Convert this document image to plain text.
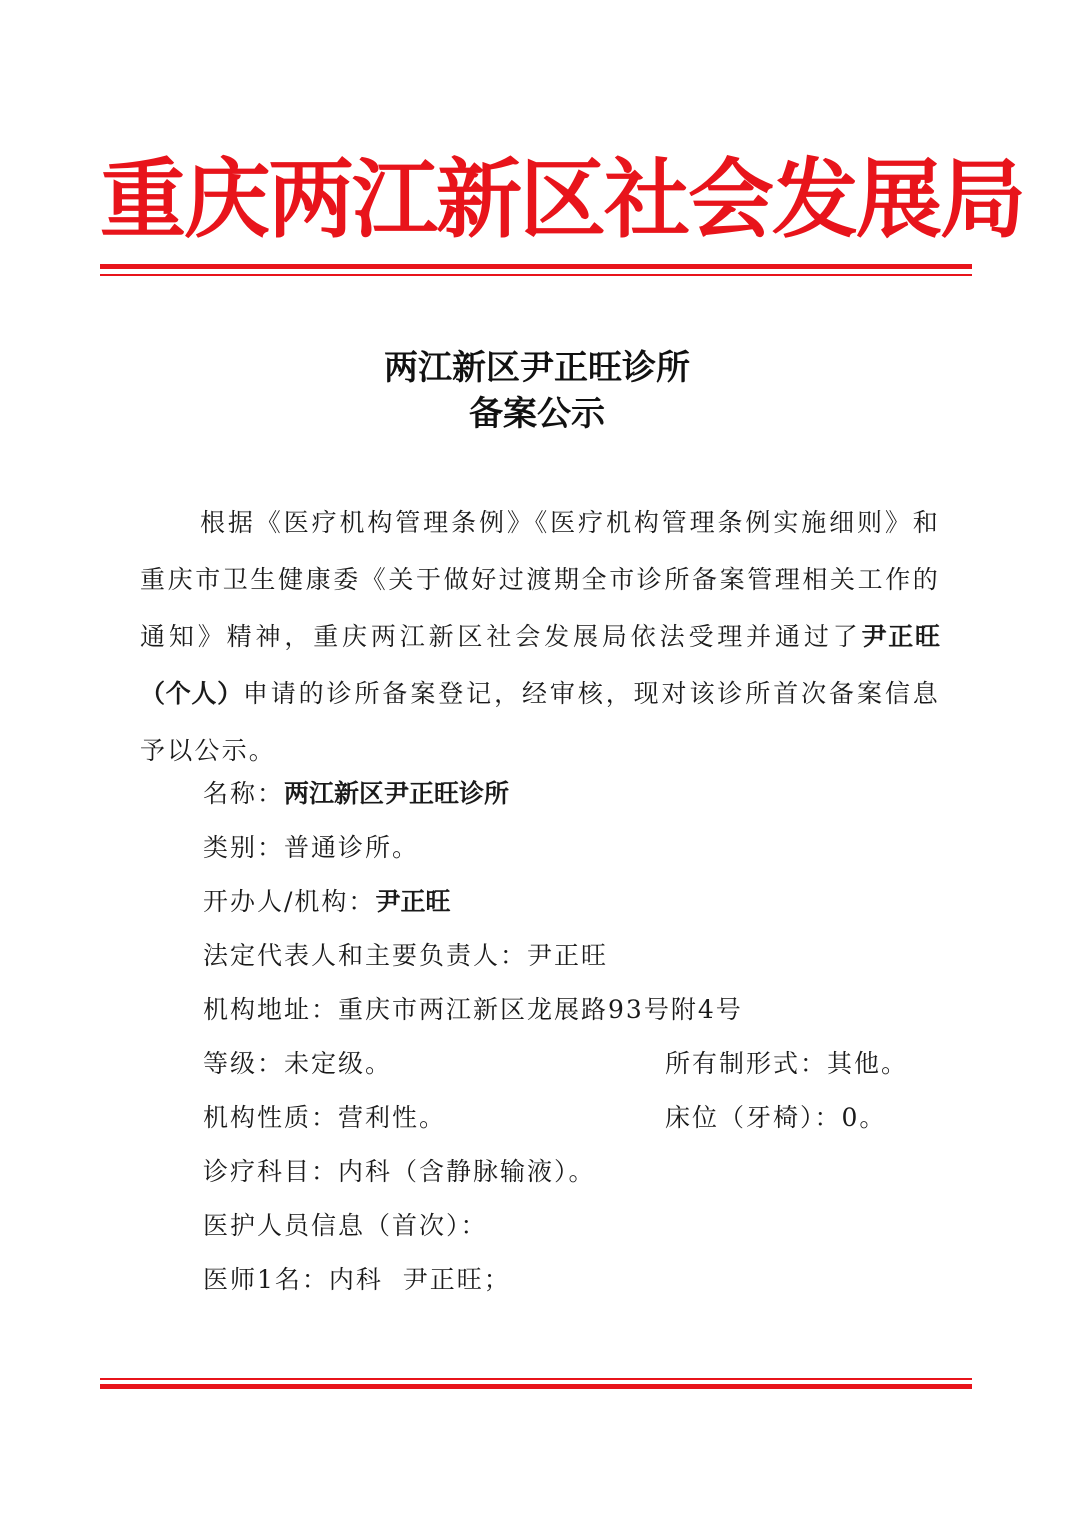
重庆两江新区社会发展局
两江新区尹正旺诊所
备案公示
根据《医疗机构管理条例》《医疗机构管理条例实施细则》和重庆市卫生健康委《关于做好过渡期全市诊所备案管理相关工作的通知》精神，重庆两江新区社会发展局依法受理并通过了尹正旺（个人）申请的诊所备案登记，经审核，现对该诊所首次备案信息予以公示。
名称：两江新区尹正旺诊所
类别：普通诊所。
开办人/机构：尹正旺
法定代表人和主要负责人：尹正旺
机构地址：重庆市两江新区龙展路93号附4号
等级：未定级。	所有制形式：其他。
机构性质：营利性。	床位（牙椅）：0。
诊疗科目：内科（含静脉输液）。
医护人员信息（首次）：
医师1名：内科  尹正旺；
